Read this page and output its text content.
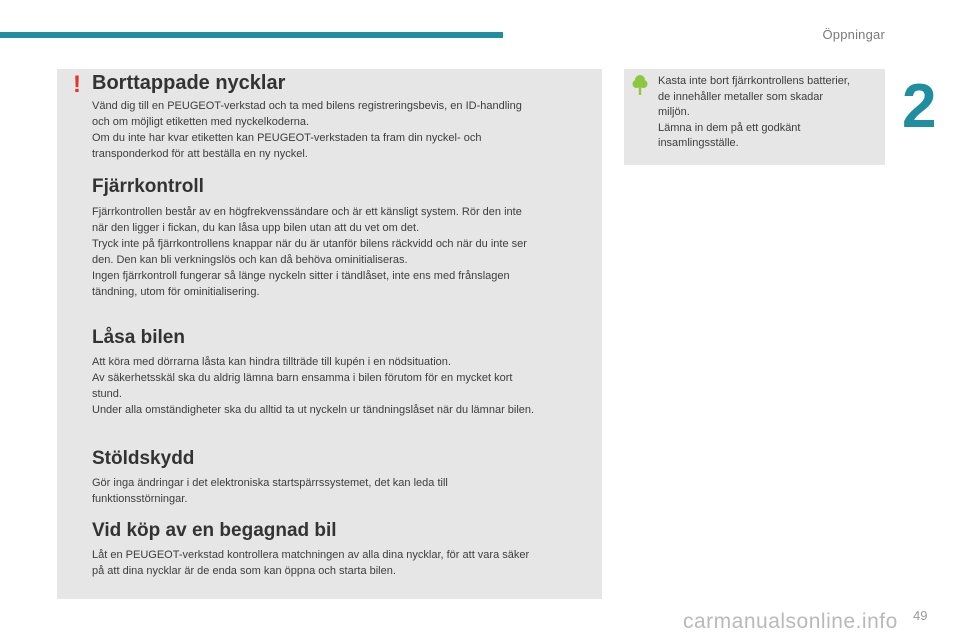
Öppningar
2
! Borttappade nycklar

Vänd dig till en PEUGEOT-verkstad och ta med bilens registreringsbevis, en ID-handling
och om möjligt etiketten med nyckelkoderna.
Om du inte har kvar etiketten kan PEUGEOT-verkstaden ta fram din nyckel- och
transponderkod för att beställa en ny nyckel.

Fjärrkontroll

Fjärrkontrollen består av en högfrekvenssändare och är ett känsligt system. Rör den inte
när den ligger i fickan, du kan låsa upp bilen utan att du vet om det.
Tryck inte på fjärrkontrollens knappar när du är utanför bilens räckvidd och när du inte ser
den. Den kan bli verkningslös och kan då behöva ominitialiseras.
Ingen fjärrkontroll fungerar så länge nyckeln sitter i tändlåset, inte ens med frånslagen
tändning, utom för ominitialisering.

Låsa bilen

Att köra med dörrarna låsta kan hindra tillträde till kupén i en nödsituation.
Av säkerhetsskäl ska du aldrig lämna barn ensamma i bilen förutom för en mycket kort
stund.
Under alla omständigheter ska du alltid ta ut nyckeln ur tändningslåset när du lämnar bilen.

Stöldskydd

Gör inga ändringar i det elektroniska startspärrssystemet, det kan leda till
funktionsstörningar.

Vid köp av en begagnad bil

Låt en PEUGEOT-verkstad kontrollera matchningen av alla dina nycklar, för att vara säker
på att dina nycklar är de enda som kan öppna och starta bilen.

Kasta inte bort fjärrkontrollens batterier,
de innehåller metaller som skadar
miljön.
Lämna in dem på ett godkänt
insamlingsställe.
carmanualsonline.info 49
